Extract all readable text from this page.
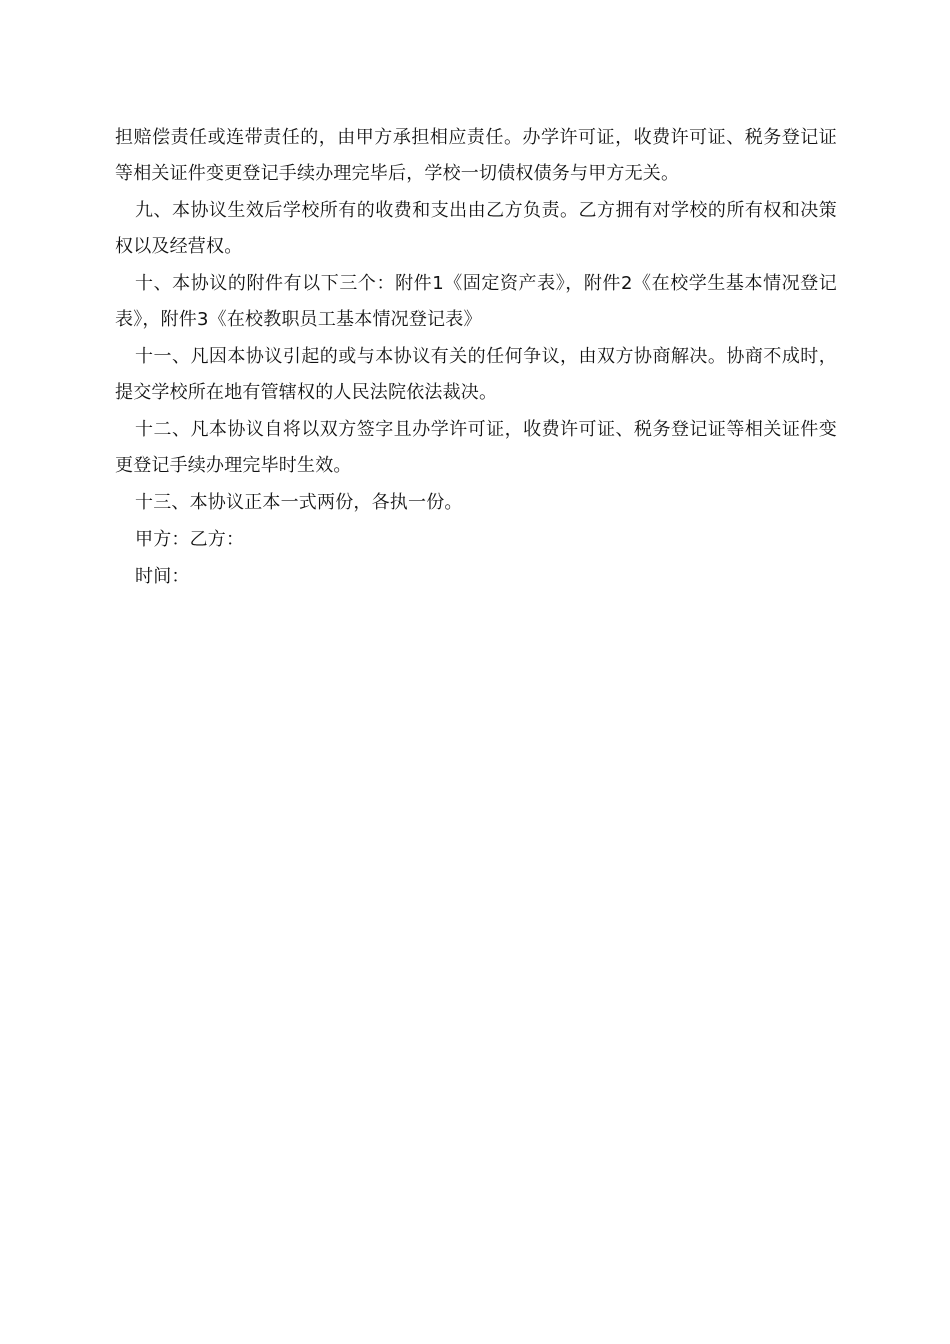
担赔偿责任或连带责任的，由甲方承担相应责任。办学许可证，收费许可证、税务登记证等相关证件变更登记手续办理完毕后，学校一切债权债务与甲方无关。

九、本协议生效后学校所有的收费和支出由乙方负责。乙方拥有对学校的所有权和决策权以及经营权。

十、本协议的附件有以下三个：附件1《固定资产表》，附件2《在校学生基本情况登记表》，附件3《在校教职员工基本情况登记表》

十一、凡因本协议引起的或与本协议有关的任何争议，由双方协商解决。协商不成时，提交学校所在地有管辖权的人民法院依法裁决。

十二、凡本协议自将以双方签字且办学许可证，收费许可证、税务登记证等相关证件变更登记手续办理完毕时生效。

十三、本协议正本一式两份，各执一份。

甲方：乙方：

时间：
